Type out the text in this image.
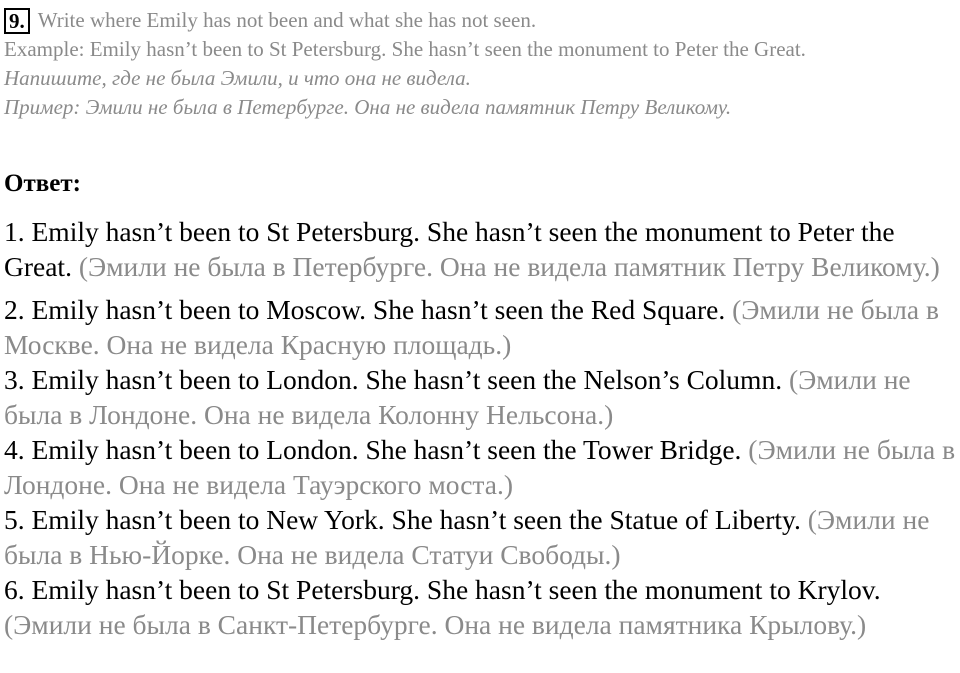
9. Write where Emily has not been and what she has not seen.
Example: Emily hasn’t been to St Petersburg. She hasn’t seen the monument to Peter the Great.
Напишите, где не была Эмили, и что она не видела.
Пример: Эмили не была в Петербурге. Она не видела памятник Петру Великому.
Ответ:

1. Emily hasn’t been to St Petersburg. She hasn’t seen the monument to Peter the Great. (Эмили не была в Петербурге. Она не видела памятник Петру Великому.)

2. Emily hasn’t been to Moscow. She hasn’t seen the Red Square. (Эмили не была в Москве. Она не видела Красную площадь.)

3. Emily hasn’t been to London. She hasn’t seen the Nelson’s Column. (Эмили не была в Лондоне. Она не видела Колонну Нельсона.)

4. Emily hasn’t been to London. She hasn’t seen the Tower Bridge. (Эмили не была в Лондоне. Она не видела Тауэрского моста.)

5. Emily hasn’t been to New York. She hasn’t seen the Statue of Liberty. (Эмили не была в Нью-Йорке. Она не видела Статуи Свободы.)

6. Emily hasn’t been to St Petersburg. She hasn’t seen the monument to Krylov. (Эмили не была в Санкт-Петербурге. Она не видела памятника Крылову.)
